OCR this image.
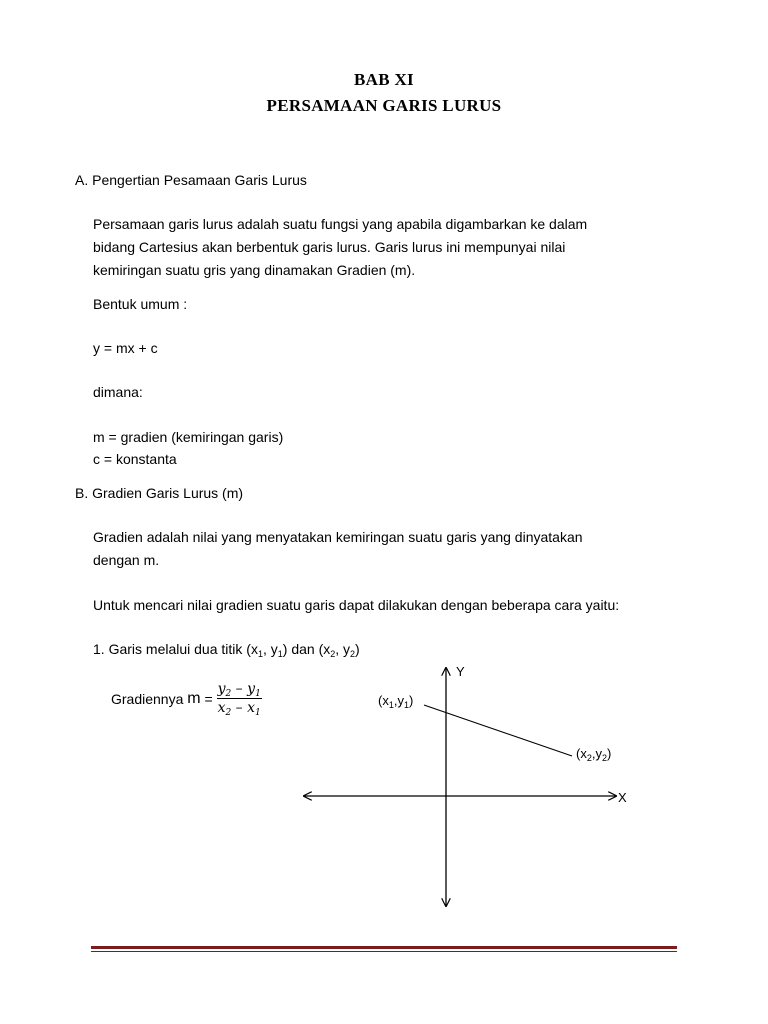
BAB XI
PERSAMAAN GARIS LURUS
A. Pengertian Pesamaan Garis Lurus
Persamaan garis lurus adalah suatu fungsi yang apabila digambarkan ke dalam
bidang Cartesius akan berbentuk garis lurus. Garis lurus ini mempunyai nilai
kemiringan suatu gris yang dinamakan Gradien (m).
Bentuk umum :
y = mx + c
dimana:
m = gradien (kemiringan garis)
c = konstanta
B. Gradien Garis Lurus (m)
Gradien adalah nilai yang menyatakan kemiringan suatu garis yang dinyatakan
dengan m.
Untuk mencari nilai gradien suatu garis dapat dilakukan dengan beberapa cara yaitu:
1. Garis melalui dua titik ($x_1$, $y_1$) dan ($x_2$, $y_2$)
Gradiennya $m = \frac{y_2 - y_1}{x_2 - x_1}$
Y
X
$(x_1,y_1)$
$(x_2,y_2)$
